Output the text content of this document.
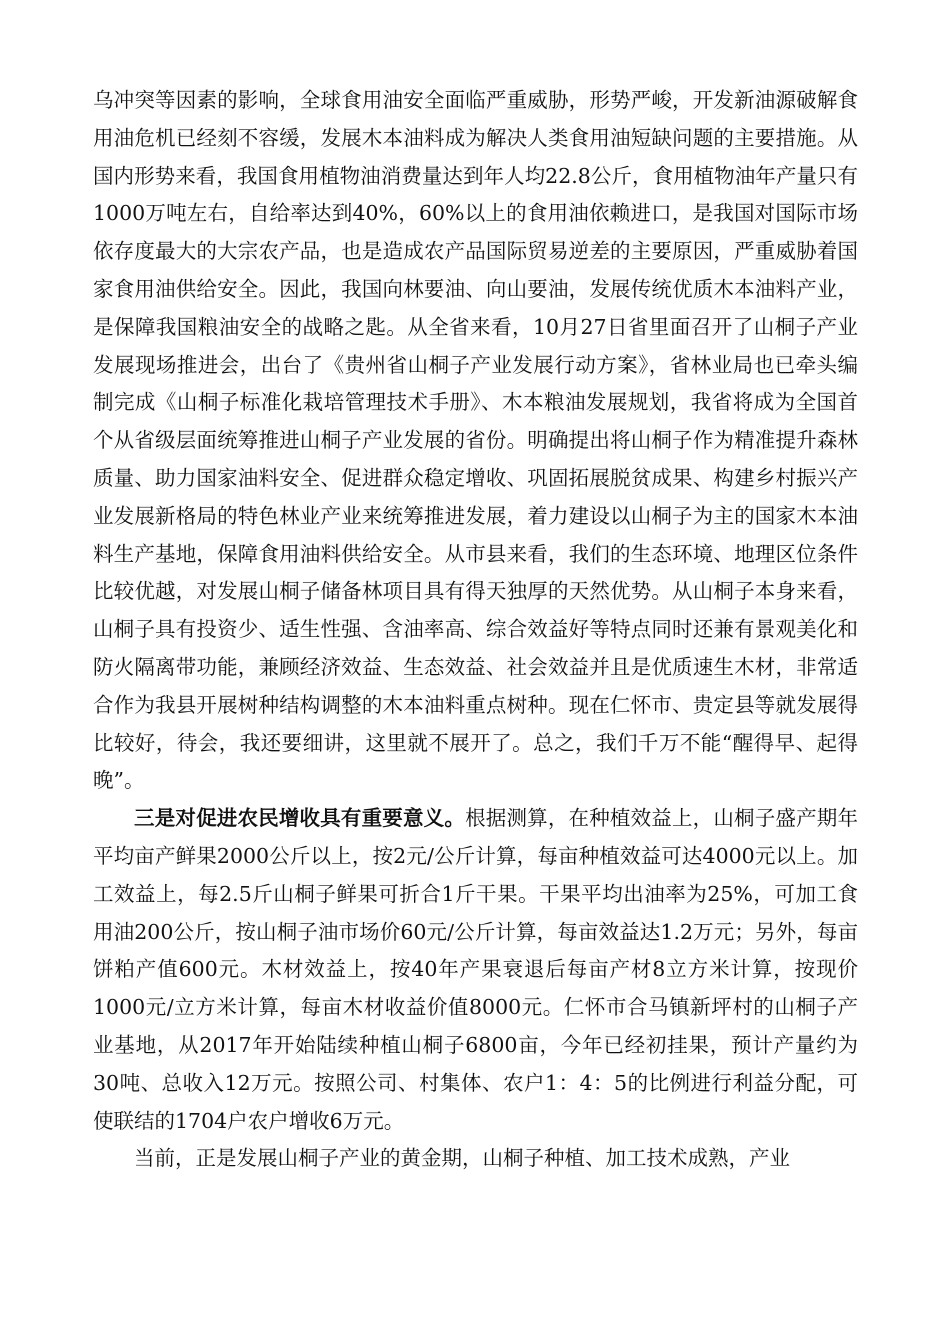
乌冲突等因素的影响，全球食用油安全面临严重威胁，形势严峻，开发新油源破解食用油危机已经刻不容缓，发展木本油料成为解决人类食用油短缺问题的主要措施。从国内形势来看，我国食用植物油消费量达到年人均22.8公斤，食用植物油年产量只有1000万吨左右，自给率达到40%，60%以上的食用油依赖进口，是我国对国际市场依存度最大的大宗农产品，也是造成农产品国际贸易逆差的主要原因，严重威胁着国家食用油供给安全。因此，我国向林要油、向山要油，发展传统优质木本油料产业，是保障我国粮油安全的战略之匙。从全省来看，10月27日省里面召开了山桐子产业发展现场推进会，出台了《贵州省山桐子产业发展行动方案》，省林业局也已牵头编制完成《山桐子标准化栽培管理技术手册》、木本粮油发展规划，我省将成为全国首个从省级层面统筹推进山桐子产业发展的省份。明确提出将山桐子作为精准提升森林质量、助力国家油料安全、促进群众稳定增收、巩固拓展脱贫成果、构建乡村振兴产业发展新格局的特色林业产业来统筹推进发展，着力建设以山桐子为主的国家木本油料生产基地，保障食用油料供给安全。从市县来看，我们的生态环境、地理区位条件比较优越，对发展山桐子储备林项目具有得天独厚的天然优势。从山桐子本身来看，山桐子具有投资少、适生性强、含油率高、综合效益好等特点同时还兼有景观美化和防火隔离带功能，兼顾经济效益、生态效益、社会效益并且是优质速生木材，非常适合作为我县开展树种结构调整的木本油料重点树种。现在仁怀市、贵定县等就发展得比较好，待会，我还要细讲，这里就不展开了。总之，我们千万不能“醒得早、起得晚”。

三是对促进农民增收具有重要意义。根据测算，在种植效益上，山桐子盛产期年平均亩产鲜果2000公斤以上，按2元/公斤计算，每亩种植效益可达4000元以上。加工效益上，每2.5斤山桐子鲜果可折合1斤干果。干果平均出油率为25%，可加工食用油200公斤，按山桐子油市场价60元/公斤计算，每亩效益达1.2万元；另外，每亩饼粕产值600元。木材效益上，按40年产果衰退后每亩产材8立方米计算，按现价1000元/立方米计算，每亩木材收益价值8000元。仁怀市合马镇新坪村的山桐子产业基地，从2017年开始陆续种植山桐子6800亩，今年已经初挂果，预计产量约为30吨、总收入12万元。按照公司、村集体、农户1：4：5的比例进行利益分配，可使联结的1704户农户增收6万元。

当前，正是发展山桐子产业的黄金期，山桐子种植、加工技术成熟，产业
